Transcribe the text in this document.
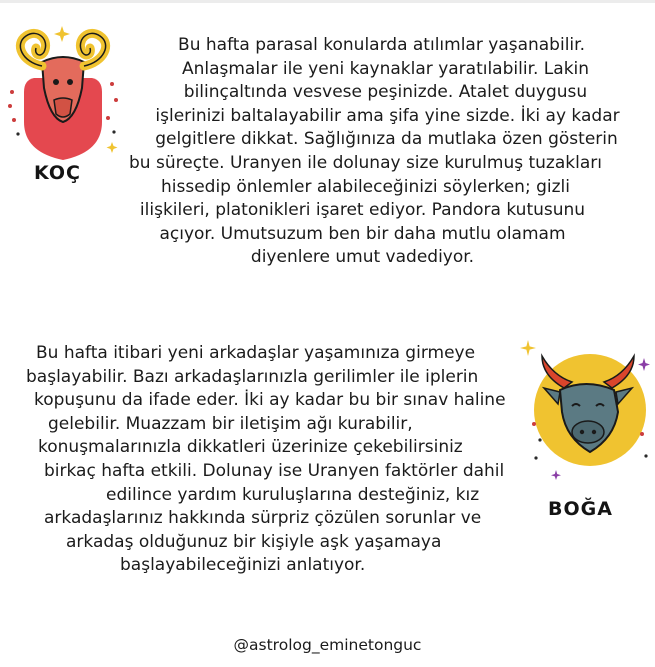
KOÇ
Bu hafta parasal konularda atılımlar yaşanabilir.
Anlaşmalar ile yeni kaynaklar yaratılabilir. Lakin
bilinçaltında vesvese peşinizde. Atalet duygusu
işlerinizi baltalayabilir ama şifa yine sizde. İki ay kadar
gelgitlere dikkat. Sağlığınıza da mutlaka özen gösterin
bu süreçte. Uranyen ile dolunay size kurulmuş tuzakları
hissedip önlemler alabileceğinizi söylerken; gizli
ilişkileri, platonikleri işaret ediyor. Pandora kutusunu
açıyor. Umutsuzum ben bir daha mutlu olamam
diyenlere umut vadediyor.
BOĞA
Bu hafta itibari yeni arkadaşlar yaşamınıza girmeye
başlayabilir. Bazı arkadaşlarınızla gerilimler ile iplerin
kopuşunu da ifade eder. İki ay kadar bu bir sınav haline
gelebilir. Muazzam bir iletişim ağı kurabilir,
konuşmalarınızla dikkatleri üzerinize çekebilirsiniz
birkaç hafta etkili. Dolunay ise Uranyen faktörler dahil
edilince yardım kuruluşlarına desteğiniz, kız
arkadaşlarınız hakkında sürpriz çözülen sorunlar ve
arkadaş olduğunuz bir kişiyle aşk yaşamaya
başlayabileceğinizi anlatıyor.
@astrolog_eminetonguc
